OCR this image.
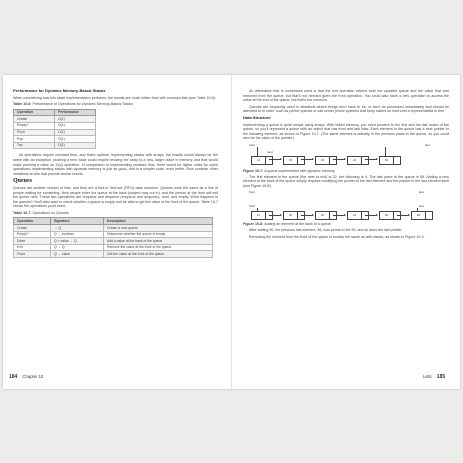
Performance for Dynamic Memory-Based Stacks

When considering how this stack implementation performs, the results are much better than with common lists (see Table 10-6).

Table 10-6: Performance of Operations for Dynamic Memory-Based Stacks
Operation	Performance
Create	O(1)
Empty?	O(1)
Push	O(1)
Pop	O(1)
Top	O(1)

All operations require constant time, and that's optimal. Implementing stacks with arrays, the results would always be the same with an exception: pushing a new value could require resizing the array to a new, larger place in memory, and that would make pushing a value an O(n) operation. In comparison to implementing constant time, there would be higher costs for some operations; implementing stacks with dynamic memory is just as good, and in a simpler code, even better. Now consider other variations on this that provide similar results.

Queues

Queues are another version of lists, and they are a first-in, first-out (FIFO) data structure. Queues work the same as a line of people waiting for something. New people enter the queue at the back (subject may cut in), and the person at the front will exit the queue next. These two operations are enqueue and dequeue (enqueue and dequeue), front, and empty. What happens in the queues? You'll also want to check whether a queue is empty and be able to get the value of the front of the queue. Table 10-7 shows the operations you'll need.

Table 10-7: Operations on Queues
Operation	Signature	Description
Create	→ Q	Create a new queue.
Empty?	Q → boolean	Determine whether the queue is empty.
Enter	Q × value → Q	Add a value at the back of the queue.
Exit	Q → Q	Remove the value at the front of the queue.
Front	Q → value	Get the value at the front of the queue.
184 Chapter 10

An alternative that is sometimes used is that the exit operation returns both the updated queue and the value that was removed from the queue, but that's not needed given the front operation. You could also have a new operation to access the value at the end of the queue, but that's too common.

Queues are frequently used in situations where things don't have to be, or can't be processed immediately and should be attended to in order, such as printer queues or call center phone systems that keep callers on hold until a representative is free.

Data Structure

Implementing a queue is quite simple using arrays. With linked memory, you need pointers to the first and the last nodes of the queue, so you'll represent a queue with an object that has front and last links. Each element in the queue has a next pointer to the following element, as shown in Figure 10-7. (The same element is actually in the previous place in the queue, so you could also be the value of the pointer.)

front	last
next
12	45	30	22	60
Figure 10-7: A queue implemented with dynamic memory

The first element in the queue (the next to exit) is 22; the following is 9. The last place in the queue is 56. Adding a new element at the back of the queue simply requires modifying the pointer to the last element and the pointer in the last element itself (see Figure 10-8).

front	last
front	last
12	45	30	22	60	90
Figure 10-8: Adding an element at the back of a queue

After adding 90, the previous last element, 56, now points to the 90, and so does the last pointer.

Removing the element from the front of the queue is exactly the same as with stacks, as shown in Figure 10-9.

Lists 185
